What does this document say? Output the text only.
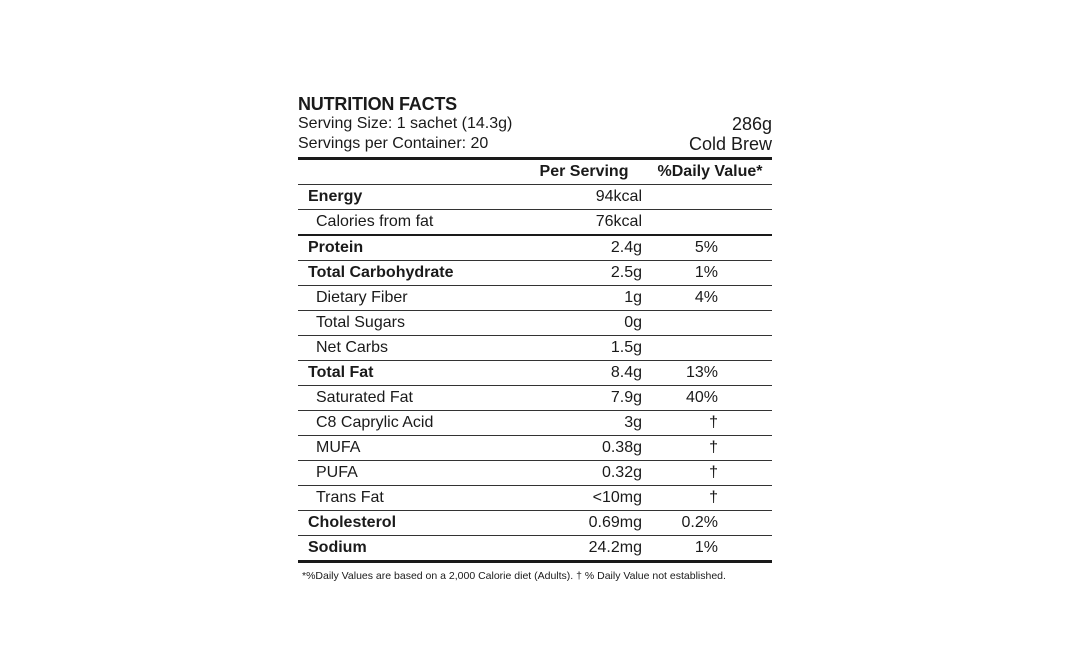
NUTRITION FACTS
Serving Size: 1 sachet (14.3g)
Servings per Container: 20
286g
Cold Brew
	Per Serving	%Daily Value*
Energy	94kcal	
Calories from fat	76kcal	
Protein	2.4g	5%
Total Carbohydrate	2.5g	1%
Dietary Fiber	1g	4%
Total Sugars	0g	
Net Carbs	1.5g	
Total Fat	8.4g	13%
Saturated Fat	7.9g	40%
C8 Caprylic Acid	3g	†
MUFA	0.38g	†
PUFA	0.32g	†
Trans Fat	<10mg	†
Cholesterol	0.69mg	0.2%
Sodium	24.2mg	1%
*%Daily Values are based on a 2,000 Calorie diet (Adults). † % Daily Value not established.
